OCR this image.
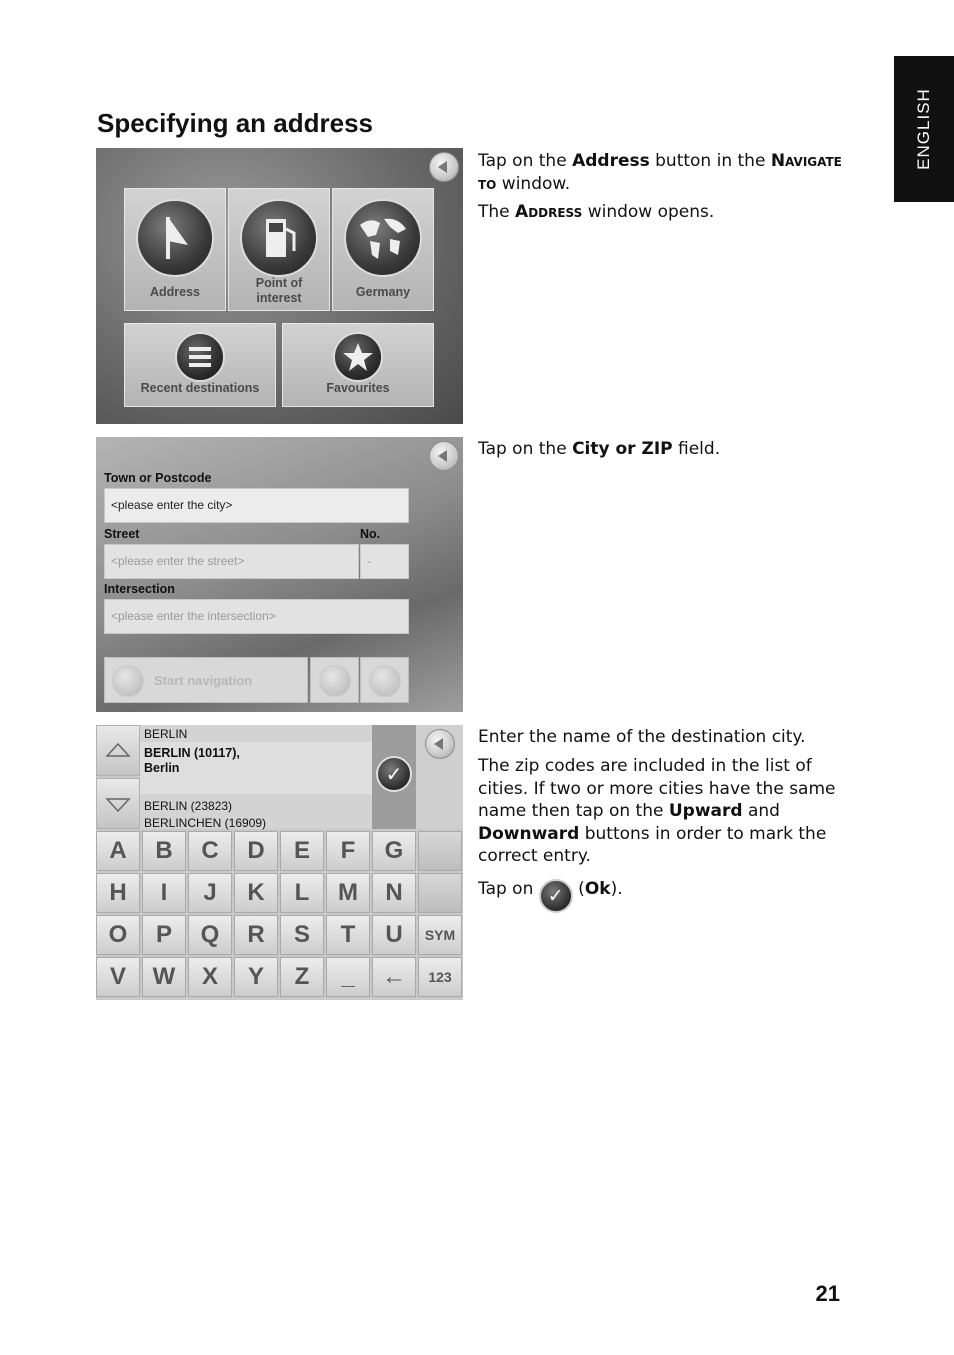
ENGLISH
Specifying an address
Address
Point of interest	Germany
Recent destinations	Favourites
Tap on the Address button in the Navigate to window.
The Address window opens.
Town or Postcode
<please enter the city>
Street	No.
<please enter the street>	-
Intersection
<please enter the intersection>
Start navigation
Tap on the City or ZIP field.
BERLIN
BERLIN (10117),
Berlin
BERLIN (23823)
BERLINCHEN (16909)
✓
A	B	C	D	E	F	G
H	I	J	K	L	M	N
O	P	Q	R	S	T	U	SYM
V	W	X	Y	Z	_	←	123
Enter the name of the destination city.
The zip codes are included in the list of cities. If two or more cities have the same name then tap on the Upward and Downward buttons in order to mark the correct entry.
Tap on ✓ (Ok).
21
